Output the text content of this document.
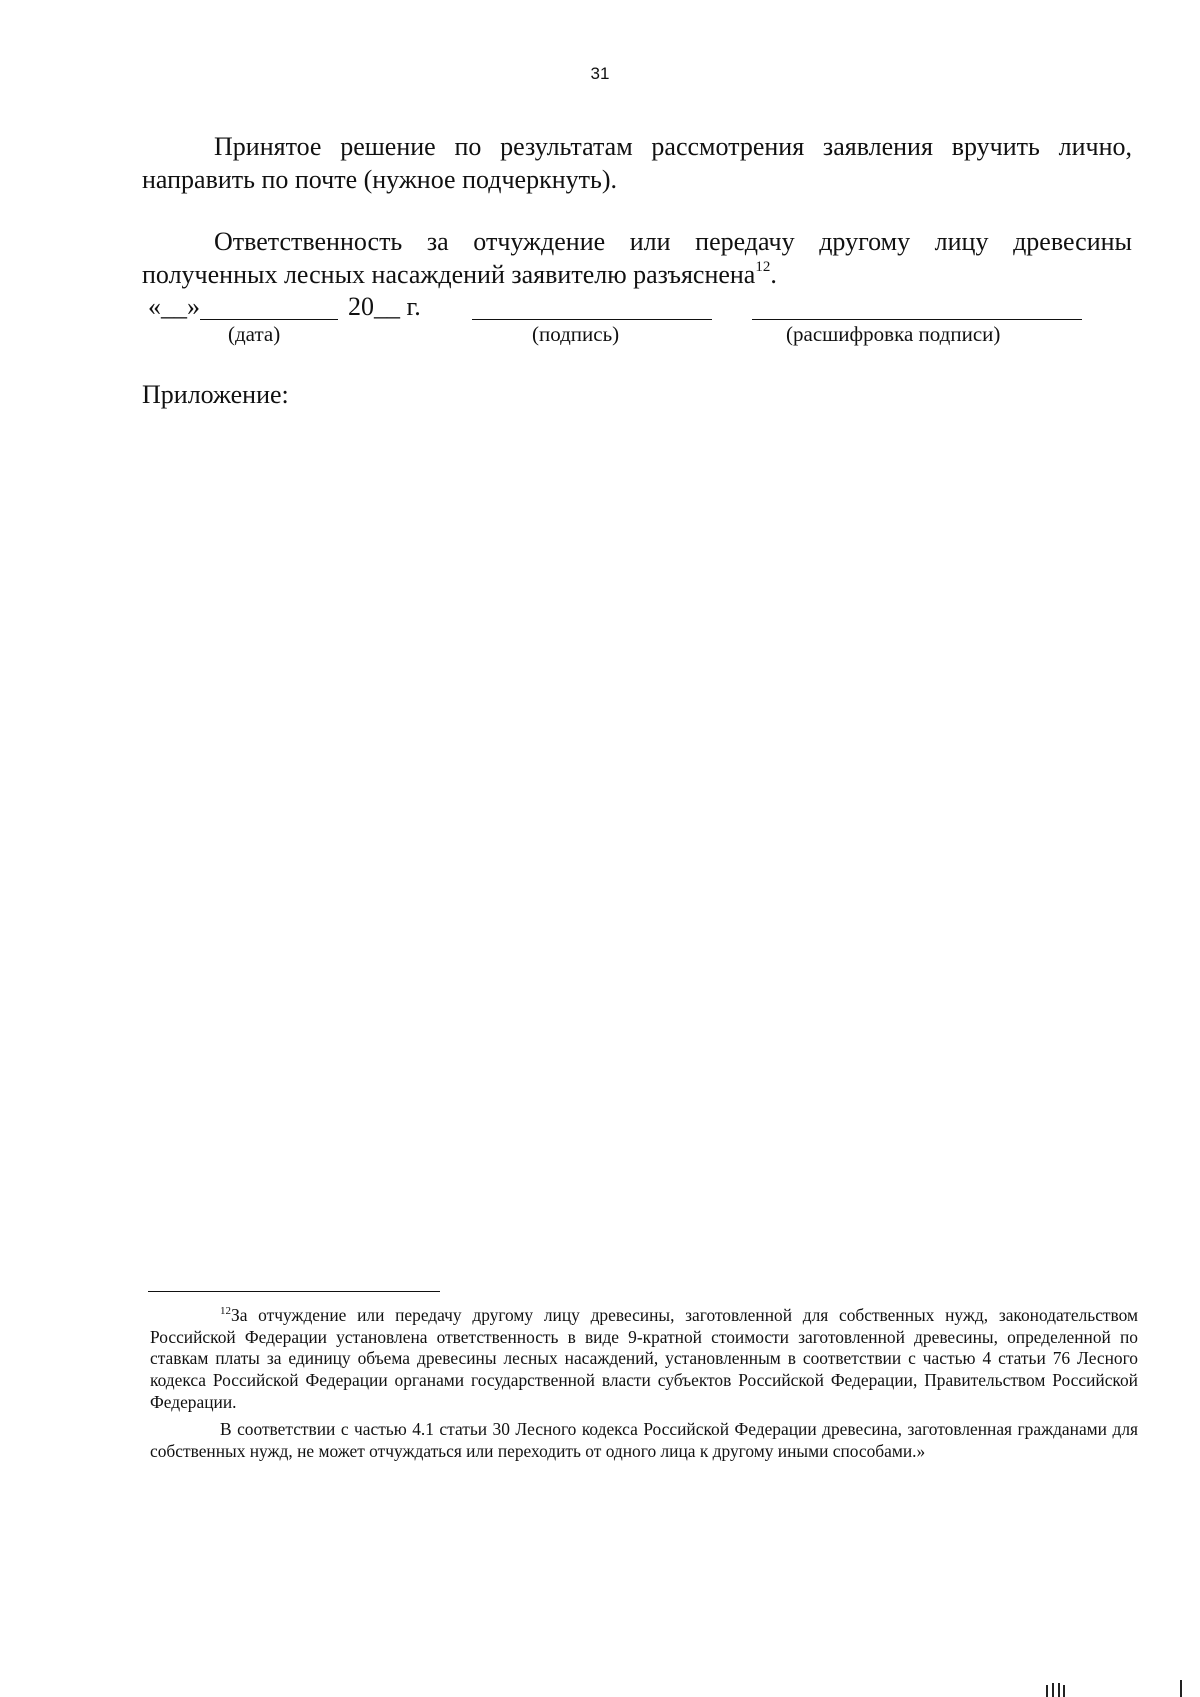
31
Принятое решение по результатам рассмотрения заявления вручить лично, направить по почте (нужное подчеркнуть).
Ответственность за отчуждение или передачу другому лицу древесины полученных лесных насаждений заявителю разъяснена$^{12}$.
«__»	20__ г.
(дата)	(подпись)	(расшифровка подписи)
Приложение:
$^{12}$За отчуждение или передачу другому лицу древесины, заготовленной для собственных нужд, законодательством Российской Федерации установлена ответственность в виде 9-кратной стоимости заготовленной древесины, определенной по ставкам платы за единицу объема древесины лесных насаждений, установленным в соответствии с частью 4 статьи 76 Лесного кодекса Российской Федерации органами государственной власти субъектов Российской Федерации, Правительством Российской Федерации.
В соответствии с частью 4.1 статьи 30 Лесного кодекса Российской Федерации древесина, заготовленная гражданами для собственных нужд, не может отчуждаться или переходить от одного лица к другому иными способами.»
